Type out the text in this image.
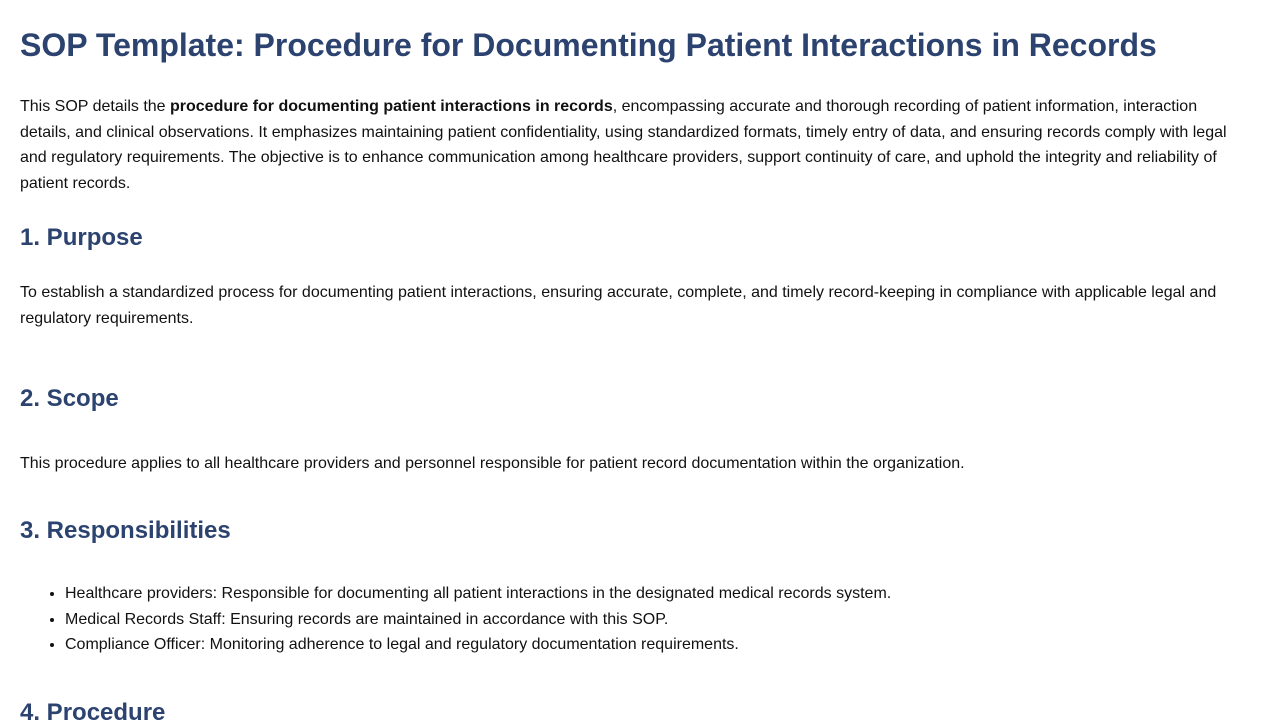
SOP Template: Procedure for Documenting Patient Interactions in Records

This SOP details the procedure for documenting patient interactions in records, encompassing accurate and thorough recording of patient information, interaction details, and clinical observations. It emphasizes maintaining patient confidentiality, using standardized formats, timely entry of data, and ensuring records comply with legal and regulatory requirements. The objective is to enhance communication among healthcare providers, support continuity of care, and uphold the integrity and reliability of patient records.

1. Purpose

To establish a standardized process for documenting patient interactions, ensuring accurate, complete, and timely record-keeping in compliance with applicable legal and regulatory requirements.

2. Scope

This procedure applies to all healthcare providers and personnel responsible for patient record documentation within the organization.

3. Responsibilities
• Healthcare providers: Responsible for documenting all patient interactions in the designated medical records system.
• Medical Records Staff: Ensuring records are maintained in accordance with this SOP.
• Compliance Officer: Monitoring adherence to legal and regulatory documentation requirements.
4. Procedure
